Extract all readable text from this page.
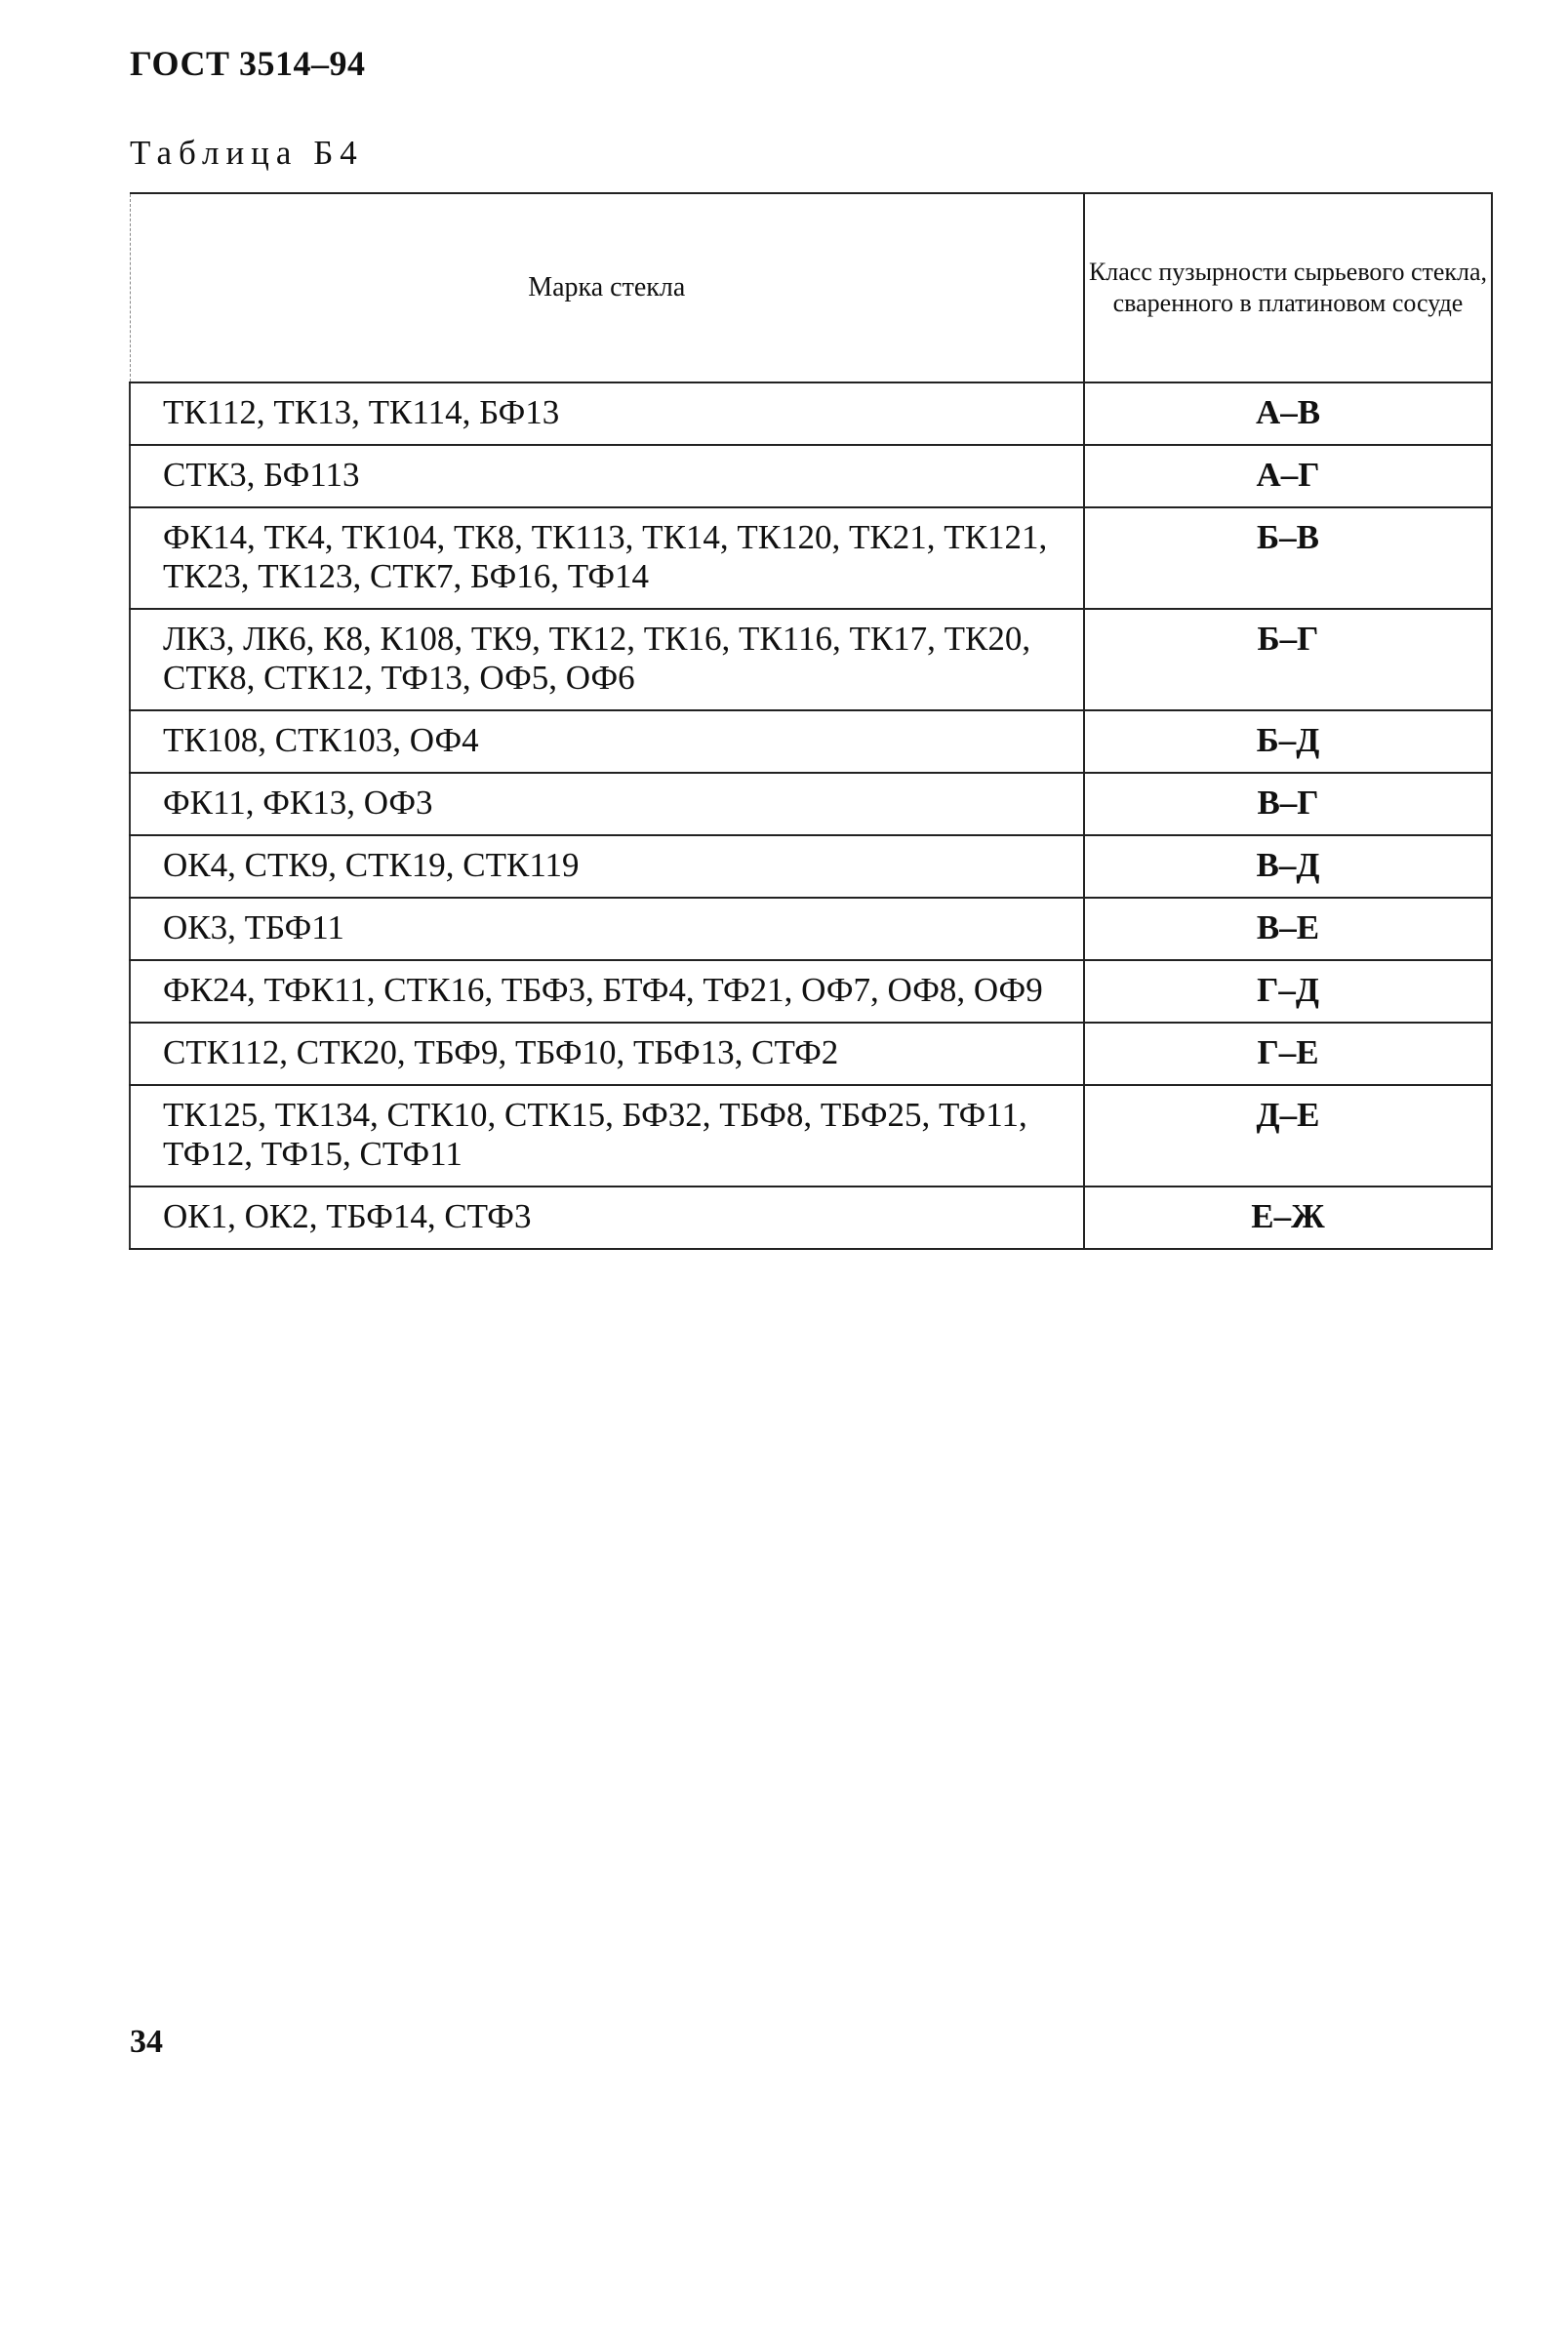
ГОСТ 3514–94
Таблица Б4
Марка стекла	Класс пузырности сырьевого стекла, сваренного в платиновом сосуде
ТК112, ТК13, ТК114, БФ13	А–В
СТК3, БФ113	А–Г
ФК14, ТК4, ТК104, ТК8, ТК113, ТК14, ТК120, ТК21, ТК121, ТК23, ТК123, СТК7, БФ16, ТФ14	Б–В
ЛК3, ЛК6, К8, К108, ТК9, ТК12, ТК16, ТК116, ТК17, ТК20, СТК8, СТК12, ТФ13, ОФ5, ОФ6	Б–Г
ТК108, СТК103, ОФ4	Б–Д
ФК11, ФК13, ОФ3	В–Г
ОК4, СТК9, СТК19, СТК119	В–Д
ОК3, ТБФ11	В–Е
ФК24, ТФК11, СТК16, ТБФ3, БТФ4, ТФ21, ОФ7, ОФ8, ОФ9	Г–Д
СТК112, СТК20, ТБФ9, ТБФ10, ТБФ13, СТФ2	Г–Е
ТК125, ТК134, СТК10, СТК15, БФ32, ТБФ8, ТБФ25, ТФ11, ТФ12, ТФ15, СТФ11	Д–Е
ОК1, ОК2, ТБФ14, СТФ3	Е–Ж
34
